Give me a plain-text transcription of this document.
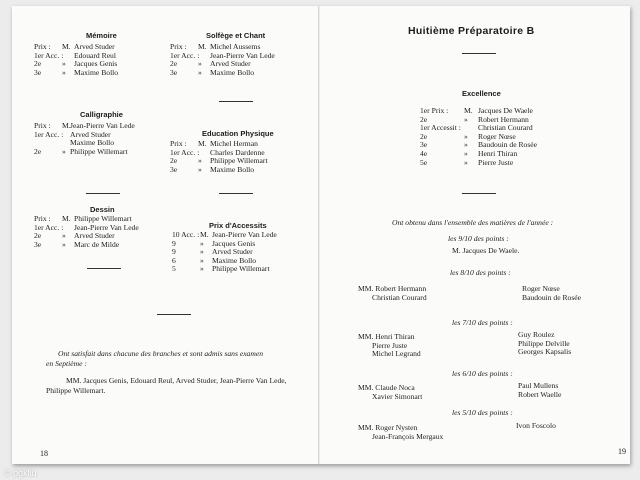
Mémoire
Prix : M. Arved Studer
1er Acc. : Edouard Reul
2e	» Jacques Genis
3e	» Maxime Bollo
Solfège et Chant
Prix : M. Michel Aussems
1er Acc. : Jean-Pierre Van Lede
2e	» Arved Studer
3e	» Maxime Bollo
Calligraphie
Prix : M. Jean-Pierre Van Lede
1er Acc. : Arved Studer
Maxime Bollo
2e	» Philippe Willemart
Education Physique
Prix : M. Michel Herman
1er Acc. : Charles Dardenne
2e	» Philippe Willemart
3e	» Maxime Bollo
Dessin
Prix : M. Philippe Willemart
1er Acc. : Jean-Pierre Van Lede
2e	» Arved Studer
3e	» Marc de Milde
Prix d'Accessits
10 Acc. : M. Jean-Pierre Van Lede
9	» Jacques Genis
9	» Arved Studer
6	» Maxime Bollo
5	» Philippe Willemart
Ont satisfait dans chacune des branches et sont admis sans examen
en Septième :
MM. Jacques Genis, Edouard Reul, Arved Studer, Jean-Pierre Van Lede,
Philippe Willemart.
18
Huitième Préparatoire B
Excellence
1er Prix : M. Jacques De Waele
2e	» Robert Hermann
1er Accessit : Christian Courard
2e	» Roger Nœse
3e	» Baudouin de Rosée
4e	» Henri Thiran
5e	» Pierre Juste
Ont obtenu dans l'ensemble des matières de l'année :
les 9/10 des points :
M. Jacques De Waele.
les 8/10 des points :
MM. Robert Hermann
Christian Courard
Roger Nœse
Baudouin de Rosée
les 7/10 des points :
MM. Henri Thiran
Pierre Juste
Michel Legrand
Guy Roulez
Philippe Delville
Georges Kapsalis
les 6/10 des points :
MM. Claude Noca
Xavier Simonart
Paul Mullens
Robert Waelle
les 5/10 des points :
MM. Roger Nysten
Jean-François Mergaux
Ivon Foscolo
19
© pgkliu
